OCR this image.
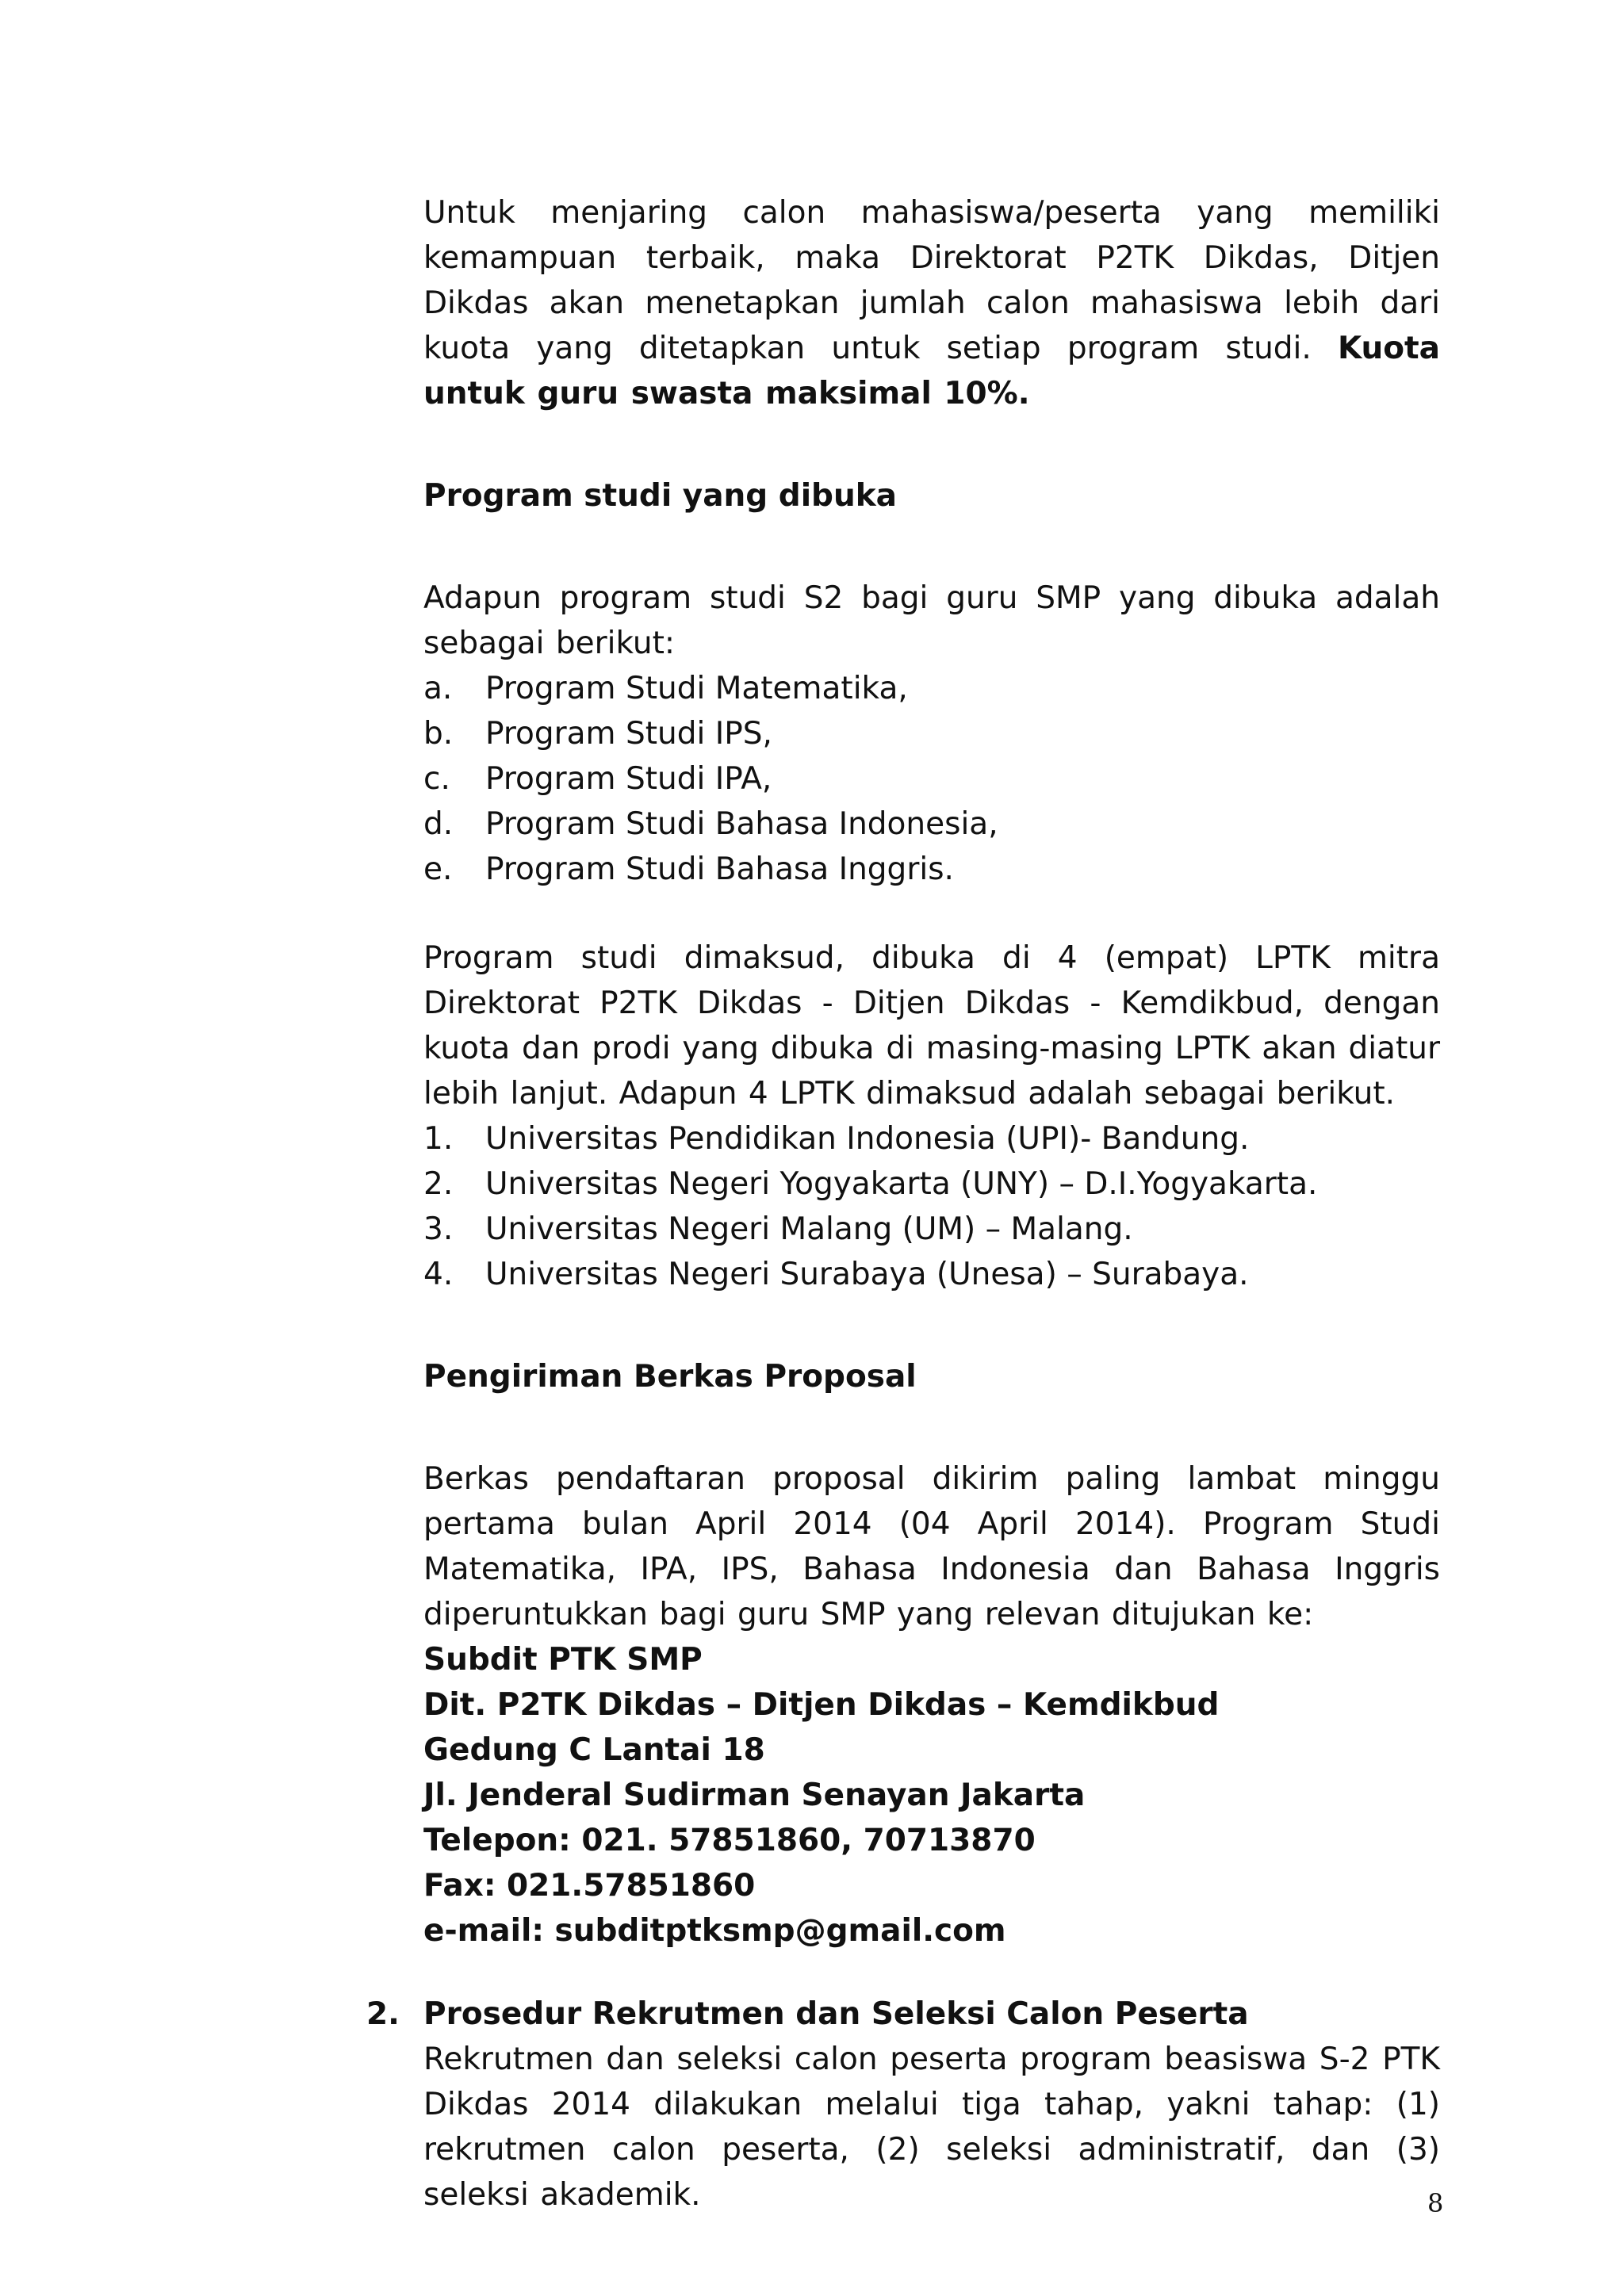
Untuk menjaring calon mahasiswa/peserta yang memiliki kemampuan terbaik, maka Direktorat P2TK Dikdas, Ditjen Dikdas akan menetapkan jumlah calon mahasiswa lebih dari kuota yang ditetapkan untuk setiap program studi. Kuota untuk guru swasta maksimal 10%.

Program studi yang dibuka

Adapun program studi S2 bagi guru SMP yang dibuka adalah sebagai berikut:

a.	Program Studi Matematika,
b.	Program Studi IPS,
c.	Program Studi IPA,
d.	Program Studi Bahasa Indonesia,
e.	Program Studi Bahasa Inggris.

Program studi dimaksud, dibuka di 4 (empat) LPTK mitra Direktorat P2TK Dikdas - Ditjen Dikdas - Kemdikbud, dengan kuota dan prodi yang dibuka di masing-masing LPTK akan diatur lebih lanjut. Adapun 4 LPTK dimaksud adalah sebagai berikut.

1.	Universitas Pendidikan Indonesia (UPI)- Bandung.
2.	Universitas Negeri Yogyakarta (UNY) – D.I.Yogyakarta.
3.	Universitas Negeri Malang (UM) – Malang.
4.	Universitas Negeri Surabaya (Unesa) – Surabaya.

Pengiriman Berkas Proposal

Berkas pendaftaran proposal dikirim paling lambat minggu pertama bulan April 2014 (04 April 2014). Program Studi Matematika, IPA, IPS, Bahasa Indonesia dan Bahasa Inggris diperuntukkan bagi guru SMP yang relevan ditujukan ke:

Subdit PTK SMP
Dit. P2TK Dikdas – Ditjen Dikdas – Kemdikbud
Gedung C Lantai 18
Jl. Jenderal Sudirman Senayan Jakarta
Telepon: 021. 57851860, 70713870
Fax: 021.57851860
e-mail: subditptksmp@gmail.com

2. Prosedur Rekrutmen dan Seleksi Calon Peserta

Rekrutmen dan seleksi calon peserta program beasiswa S-2 PTK Dikdas 2014 dilakukan melalui tiga tahap, yakni tahap: (1) rekrutmen calon peserta, (2) seleksi administratif, dan (3) seleksi akademik.	8
